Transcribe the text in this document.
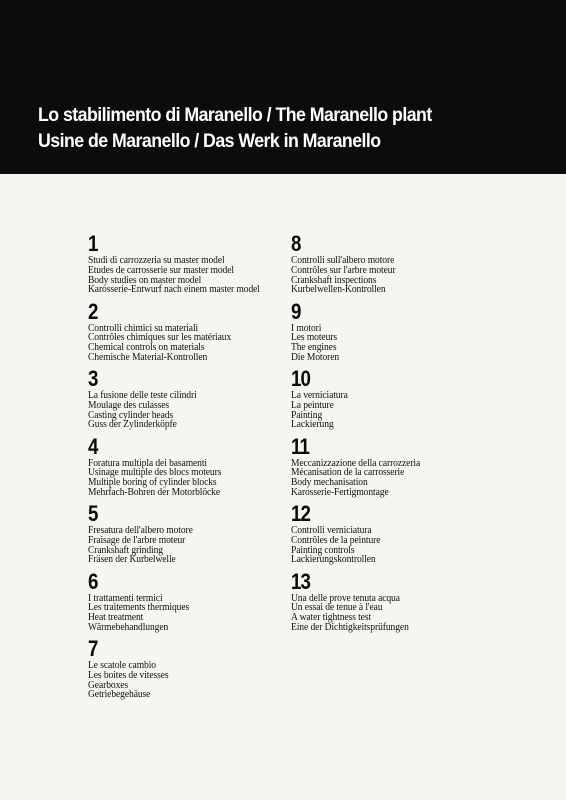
Lo stabilimento di Maranello / The Maranello plant
Usine de Maranello / Das Werk in Maranello
1
Studi di carrozzeria su master model
Etudes de carrosserie sur master model
Body studies on master model
Karosserie-Entwurf nach einem master model
2
Controlli chimici su materiali
Contrôles chimiques sur les matériaux
Chemical controls on materials
Chemische Material-Kontrollen
3
La fusione delle teste cilindri
Moulage des culasses
Casting cylinder heads
Guss der Zylinderköpfe
4
Foratura multipla dei basamenti
Usinage multiple des blocs moteurs
Multiple boring of cylinder blocks
Mehrfach-Bohren der Motorblöcke
5
Fresatura dell'albero motore
Fraisage de l'arbre moteur
Crankshaft grinding
Fräsen der Kurbelwelle
6
I trattamenti termici
Les traitements thermiques
Heat treatment
Wärmebehandlungen
7
Le scatole cambio
Les boites de vitesses
Gearboxes
Getriebegehäuse
8
Controlli sull'albero motore
Contrôles sur l'arbre moteur
Crankshaft inspections
Kurbelwellen-Kontrollen
9
I motori
Les moteurs
The engines
Die Motoren
10
La verniciatura
La peinture
Painting
Lackierung
11
Meccanizzazione della carrozzeria
Mécanisation de la carrosserie
Body mechanisation
Karosserie-Fertigmontage
12
Controlli verniciatura
Contrôles de la peinture
Painting controls
Lackierungskontrollen
13
Una delle prove tenuta acqua
Un essai de tenue à l'eau
A water tightness test
Eine der Dichtigkeitsprüfungen
